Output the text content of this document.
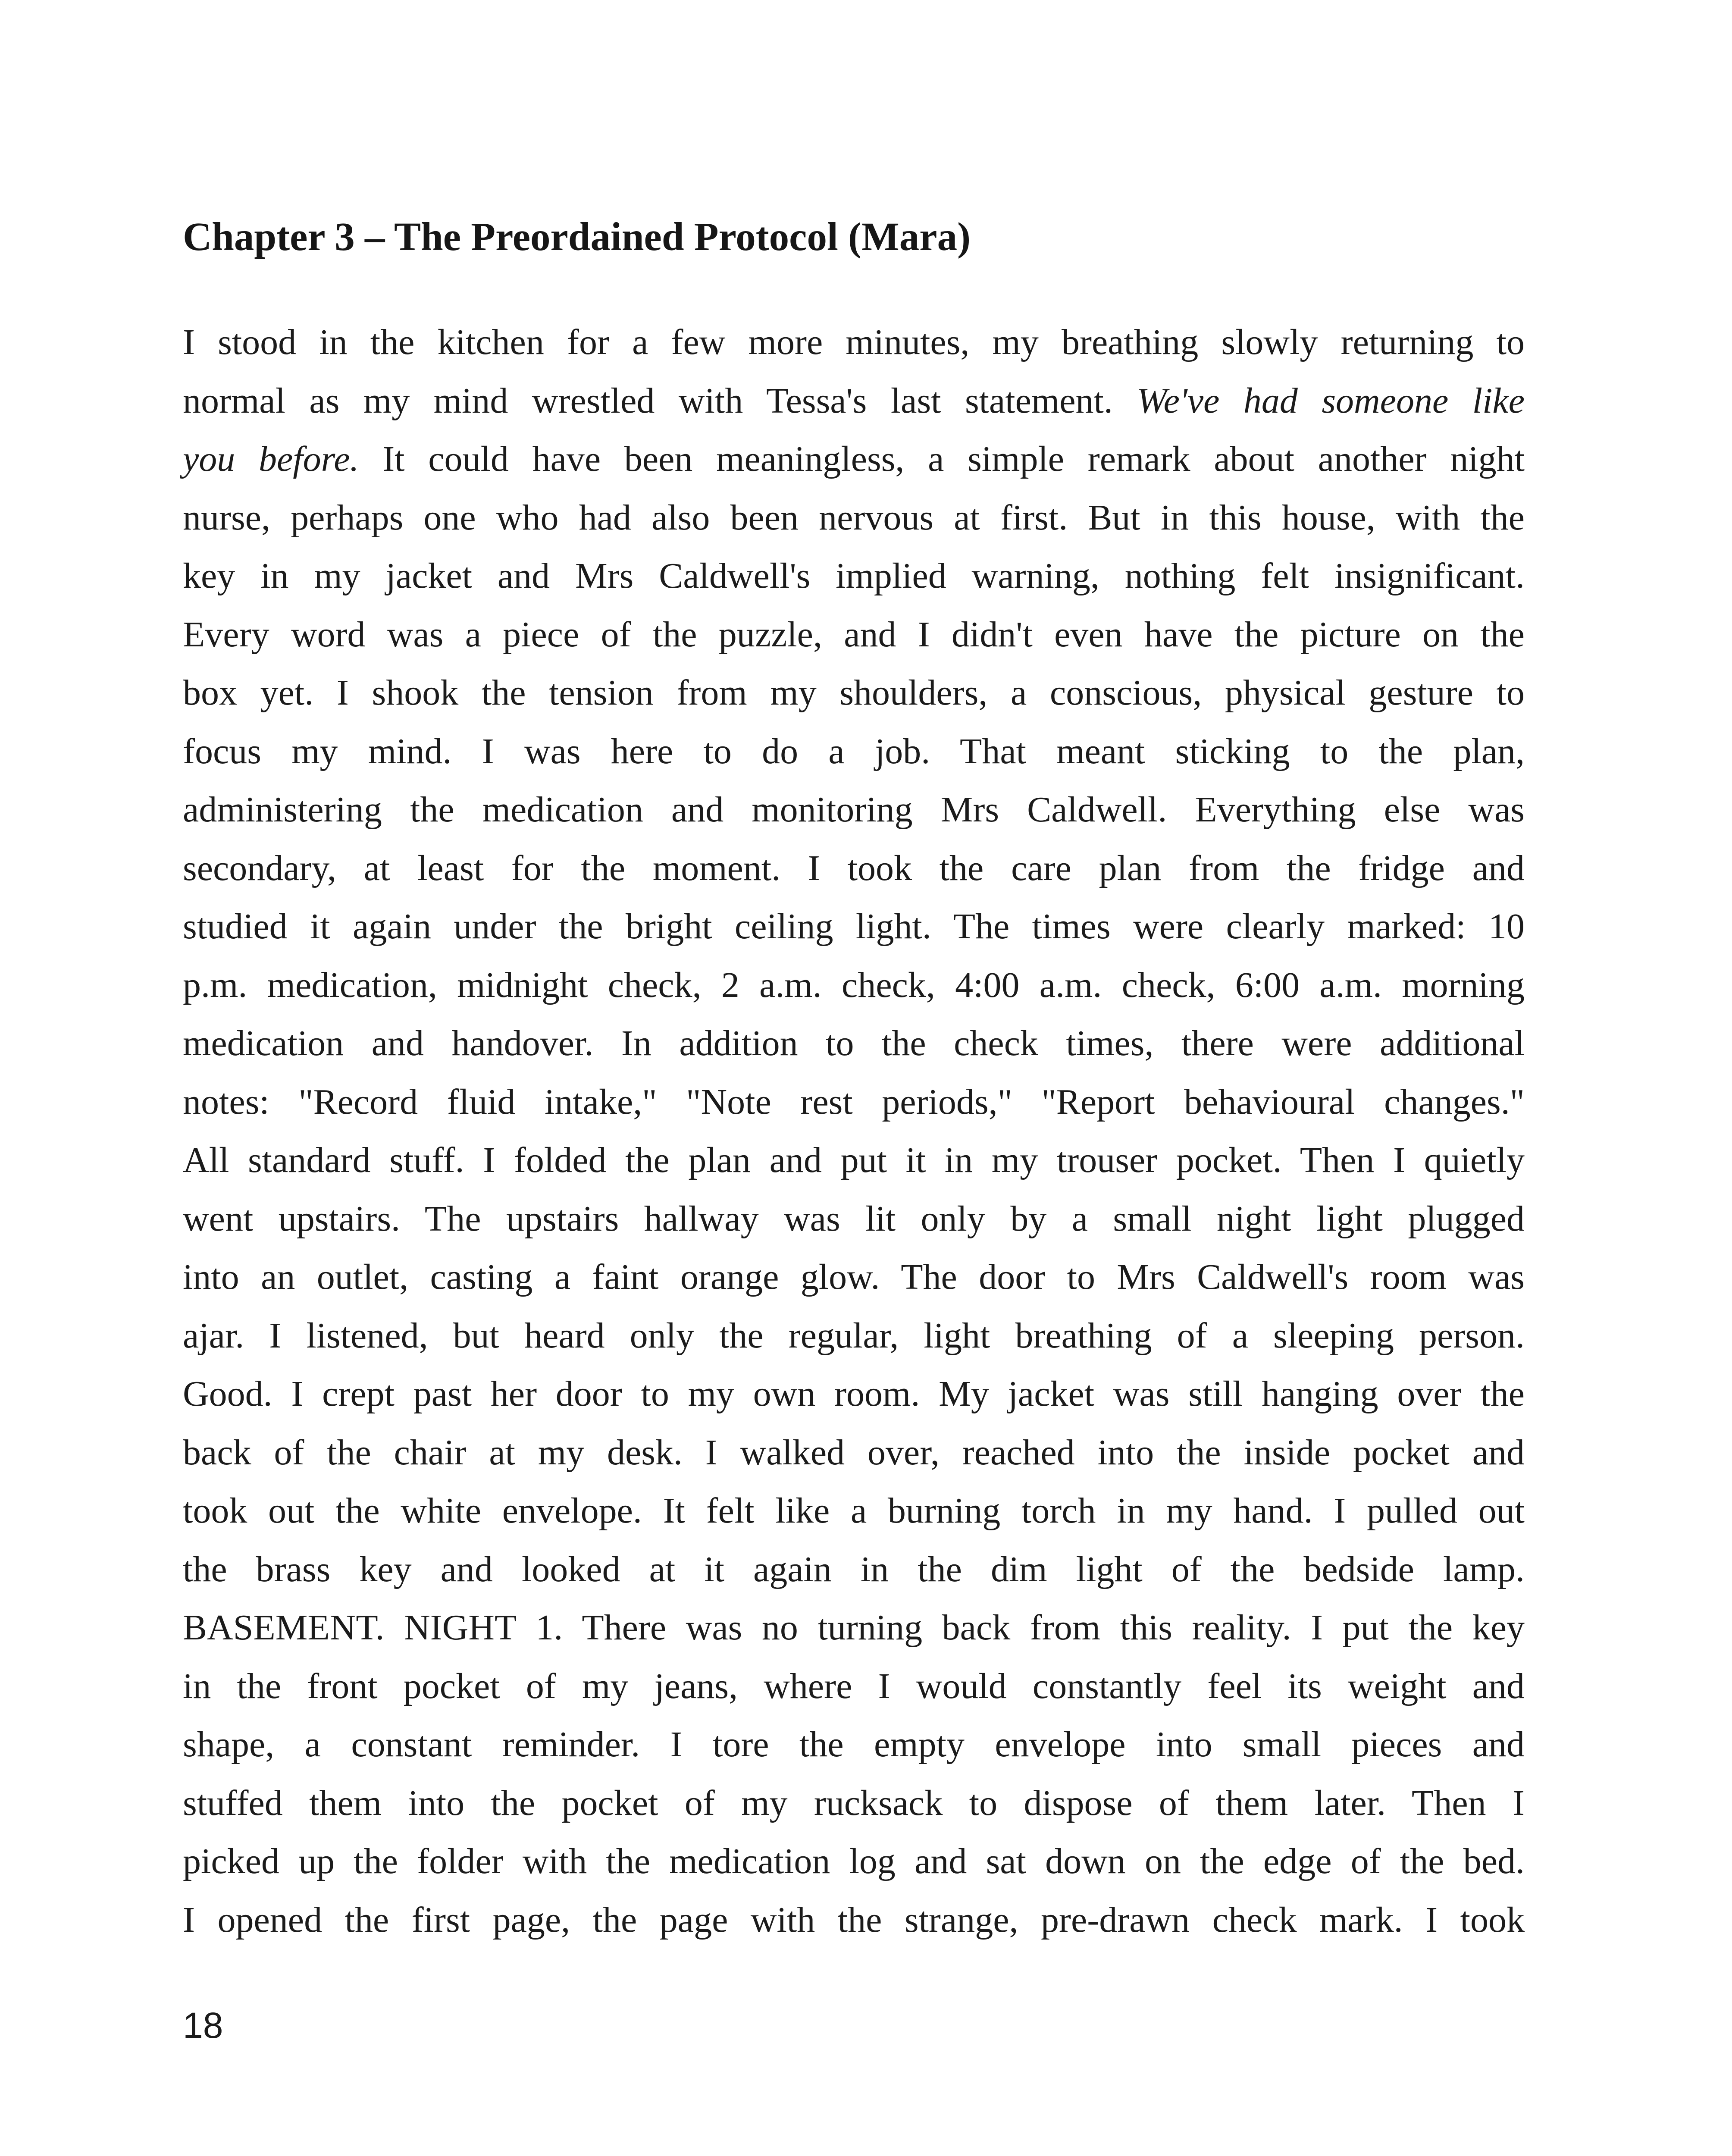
Chapter 3 – The Preordained Protocol (Mara)
I stood in the kitchen for a few more minutes, my breathing slowly returning to
normal as my mind wrestled with Tessa's last statement. We've had someone like
you before. It could have been meaningless, a simple remark about another night
nurse, perhaps one who had also been nervous at first. But in this house, with the
key in my jacket and Mrs Caldwell's implied warning, nothing felt insignificant.
Every word was a piece of the puzzle, and I didn't even have the picture on the
box yet. I shook the tension from my shoulders, a conscious, physical gesture to
focus my mind. I was here to do a job. That meant sticking to the plan,
administering the medication and monitoring Mrs Caldwell. Everything else was
secondary, at least for the moment. I took the care plan from the fridge and
studied it again under the bright ceiling light. The times were clearly marked: 10
p.m. medication, midnight check, 2 a.m. check, 4:00 a.m. check, 6:00 a.m. morning
medication and handover. In addition to the check times, there were additional
notes: "Record fluid intake," "Note rest periods," "Report behavioural changes."
All standard stuff. I folded the plan and put it in my trouser pocket. Then I quietly
went upstairs. The upstairs hallway was lit only by a small night light plugged
into an outlet, casting a faint orange glow. The door to Mrs Caldwell's room was
ajar. I listened, but heard only the regular, light breathing of a sleeping person.
Good. I crept past her door to my own room. My jacket was still hanging over the
back of the chair at my desk. I walked over, reached into the inside pocket and
took out the white envelope. It felt like a burning torch in my hand. I pulled out
the brass key and looked at it again in the dim light of the bedside lamp.
BASEMENT. NIGHT 1. There was no turning back from this reality. I put the key
in the front pocket of my jeans, where I would constantly feel its weight and
shape, a constant reminder. I tore the empty envelope into small pieces and
stuffed them into the pocket of my rucksack to dispose of them later. Then I
picked up the folder with the medication log and sat down on the edge of the bed.
I opened the first page, the page with the strange, pre-drawn check mark. I took
18
